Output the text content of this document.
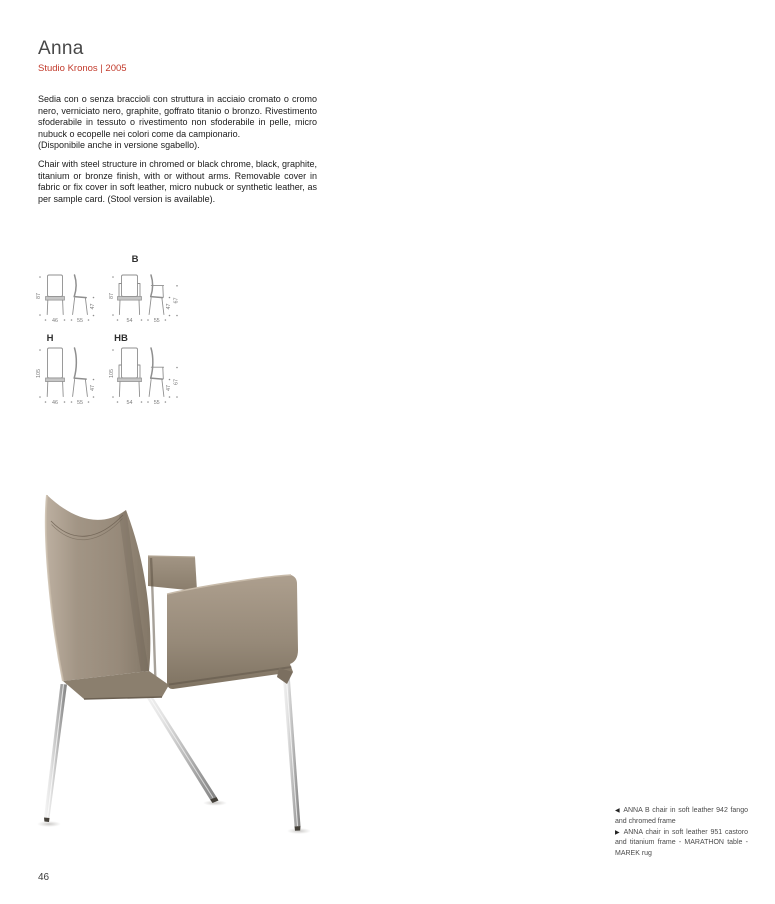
Anna
Studio Kronos | 2005

Sedia con o senza braccioli con struttura in acciaio cromato o cromo nero, verniciato nero, graphite, goffrato titanio o bronzo. Rivestimento sfoderabile in tessuto o rivestimento non sfoderabile in pelle, micro nubuck o ecopelle nei colori come da campionario.
(Disponibile anche in versione sgabello).

Chair with steel structure in chromed or black chrome, black, graphite, titanium or bronze finish, with or without arms. Removable cover in fabric or fix cover in soft leather, micro nubuck or synthetic leather, as per sample card. (Stool version is available).

B
H	HB
87
46	55
47
87
54	55
47
67
105
46	55
47
105
54	55
47
67

◀ ANNA B chair in soft leather 942 fango and chromed frame

▶ ANNA chair in soft leather 951 castoro and titanium frame - MARATHON table - MAREK rug

46
